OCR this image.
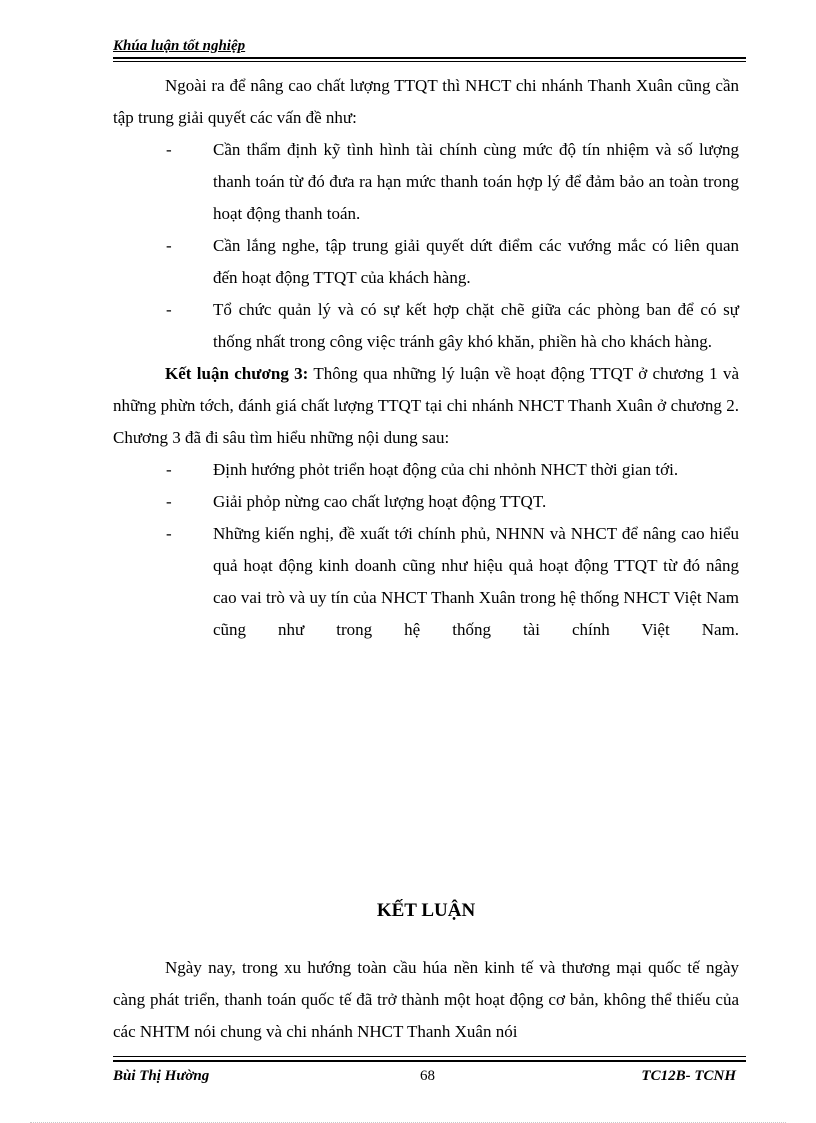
Khúa luận tốt nghiệp

Ngoài ra để nâng cao chất lượng TTQT thì NHCT chi nhánh Thanh Xuân cũng cần tập trung giải quyết các vấn đề như:

-	Cần thẩm định kỹ tình hình tài chính cùng mức độ tín nhiệm và số lượng thanh toán từ đó đưa ra hạn mức thanh toán hợp lý để đảm bảo an toàn trong hoạt động thanh toán.
-	Cần lắng nghe, tập trung giải quyết dứt điểm các vướng mắc có liên quan đến hoạt động TTQT của khách hàng.
-	Tổ chức quản lý và có sự kết hợp chặt chẽ giữa các phòng ban để có sự thống nhất trong công việc tránh gây khó khăn, phiền hà cho khách hàng.

Kết luận chương 3: Thông qua những lý luận về hoạt động TTQT ở chương 1 và những phừn tớch, đánh giá chất lượng TTQT tại chi nhánh NHCT Thanh Xuân ở chương 2. Chương 3 đã đi sâu tìm hiểu những nội dung sau:

-	Định hướng phỏt triển hoạt động của chi nhỏnh NHCT thời gian tới.
-	Giải phỏp nừng cao chất lượng hoạt động TTQT.
-	Những kiến nghị, đề xuất tới chính phủ, NHNN và NHCT để nâng cao hiểu quả hoạt động kinh doanh cũng như hiệu quả hoạt động TTQT từ đó nâng cao vai trò và uy tín của NHCT Thanh Xuân trong hệ thống NHCT Việt Nam cũng như trong hệ thống tài chính Việt Nam.
KẾT LUẬN

Ngày nay, trong xu hướng toàn cầu húa nền kinh tế và thương mại quốc tế ngày càng phát triển, thanh toán quốc tế đã trở thành một hoạt động cơ bản, không thể thiếu của các NHTM nói chung và chi nhánh NHCT Thanh Xuân nói

Bùi Thị Hường	68	TC12B- TCNH
